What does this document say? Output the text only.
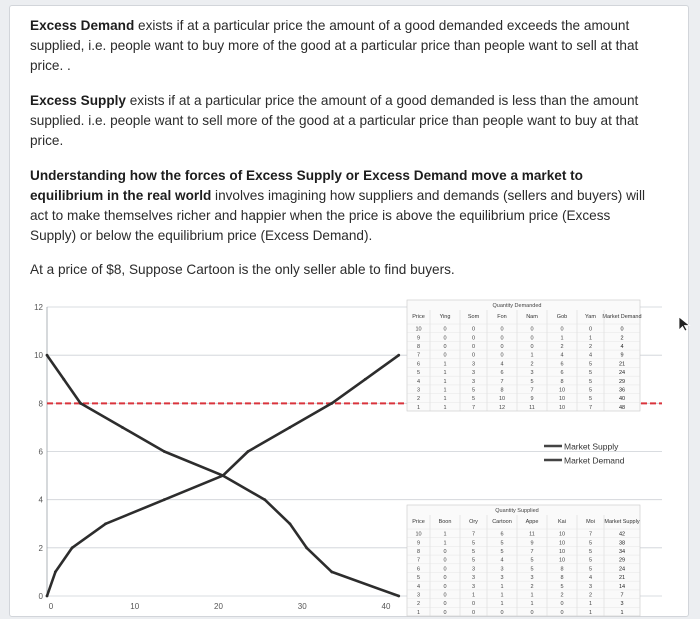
Excess Demand exists if at a particular price the amount of a good demanded exceeds the amount supplied, i.e. people want to buy more of the good at a particular price than people want to sell at that price. .
Excess Supply exists if at a particular price the amount of a good demanded is less than the amount supplied. i.e. people want to sell more of the good at a particular price than people want to buy at that price.
Understanding how the forces of Excess Supply or Excess Demand move a market to equilibrium in the real world involves imagining how suppliers and demands (sellers and buyers) will act to make themselves richer and happier when the price is above the equilibrium price (Excess Supply) or below the equilibrium price (Excess Demand).
At a price of $8, Suppose Cartoon is the only seller able to find buyers.
0
2
4
6
8
10
12
0	10	20	30	40
Quantity Demanded
Price	Ying	Som	Fon	Nam	Gob	Yam Market Demand
10	0	0	0	0	0	0	0
9	0	0	0	0	1	1	2
8	0	0	0	0	2	2	4
7	0	0	0	1	4	4	9
6	1	3	4	2	6	5	21
5	1	3	6	3	6	5	24
4	1	3	7	5	8	5	29
3	1	5	8	7	10	5	36
2	1	5	10	9	10	5	40
1	1	7	12	11	10	7	48
Quantity Supplied
Price	Boon	Ory	Cartoon	Appe	Kai	Moi Market Supply
10	1	7	6	11	10	7	42
9	1	5	5	9	10	5	38
8	0	5	5	7	10	5	34
7	0	5	4	5	10	5	29
6	0	3	3	5	8	5	24
5	0	3	3	3	8	4	21
4	0	3	1	2	5	3	14
3	0	1	1	1	2	2	7
2	0	0	1	1	0	1	3
1	0	0	0	0	0	1	1
Market Supply
Market Demand
